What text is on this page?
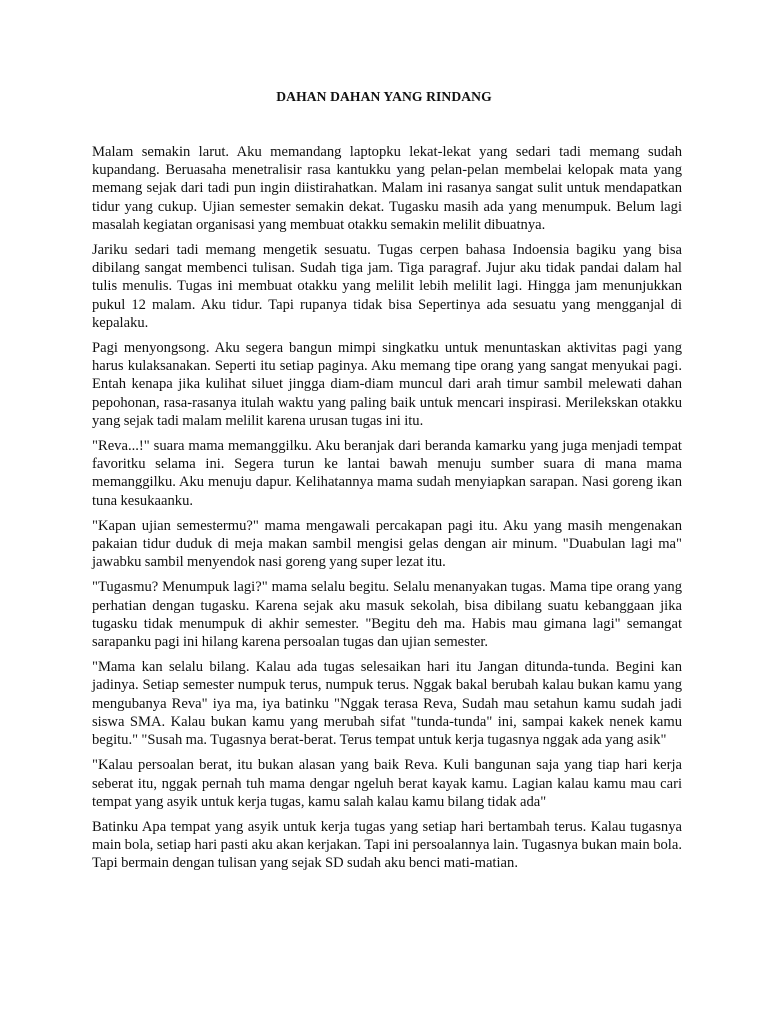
DAHAN DAHAN YANG RINDANG

Malam semakin larut. Aku memandang laptopku lekat-lekat yang sedari tadi memang sudah kupandang. Beruasaha menetralisir rasa kantukku yang pelan-pelan membelai kelopak mata yang memang sejak dari tadi pun ingin diistirahatkan. Malam ini rasanya sangat sulit untuk mendapatkan tidur yang cukup. Ujian semester semakin dekat. Tugasku masih ada yang menumpuk. Belum lagi masalah kegiatan organisasi yang membuat otakku semakin melilit dibuatnya.

Jariku sedari tadi memang mengetik sesuatu. Tugas cerpen bahasa Indoensia bagiku yang bisa dibilang sangat membenci tulisan. Sudah tiga jam. Tiga paragraf. Jujur aku tidak pandai dalam hal tulis menulis. Tugas ini membuat otakku yang melilit lebih melilit lagi. Hingga jam menunjukkan pukul 12 malam. Aku tidur. Tapi rupanya tidak bisa Sepertinya ada sesuatu yang mengganjal di kepalaku.

Pagi menyongsong. Aku segera bangun mimpi singkatku untuk menuntaskan aktivitas pagi yang harus kulaksanakan. Seperti itu setiap paginya. Aku memang tipe orang yang sangat menyukai pagi. Entah kenapa jika kulihat siluet jingga diam-diam muncul dari arah timur sambil melewati dahan pepohonan, rasa-rasanya itulah waktu yang paling baik untuk mencari inspirasi. Merilekskan otakku yang sejak tadi malam melilit karena urusan tugas ini itu.

"Reva...!" suara mama memanggilku. Aku beranjak dari beranda kamarku yang juga menjadi tempat favoritku selama ini. Segera turun ke lantai bawah menuju sumber suara di mana mama memanggilku. Aku menuju dapur. Kelihatannya mama sudah menyiapkan sarapan. Nasi goreng ikan tuna kesukaanku.

"Kapan ujian semestermu?" mama mengawali percakapan pagi itu. Aku yang masih mengenakan pakaian tidur duduk di meja makan sambil mengisi gelas dengan air minum. "Duabulan lagi ma" jawabku sambil menyendok nasi goreng yang super lezat itu.

"Tugasmu? Menumpuk lagi?" mama selalu begitu. Selalu menanyakan tugas. Mama tipe orang yang perhatian dengan tugasku. Karena sejak aku masuk sekolah, bisa dibilang suatu kebanggaan jika tugasku tidak menumpuk di akhir semester. "Begitu deh ma. Habis mau gimana lagi" semangat sarapanku pagi ini hilang karena persoalan tugas dan ujian semester.

"Mama kan selalu bilang. Kalau ada tugas selesaikan hari itu Jangan ditunda-tunda. Begini kan jadinya. Setiap semester numpuk terus, numpuk terus. Nggak bakal berubah kalau bukan kamu yang mengubanya Reva" iya ma, iya batinku "Nggak terasa Reva, Sudah mau setahun kamu sudah jadi siswa SMA. Kalau bukan kamu yang merubah sifat "tunda-tunda" ini, sampai kakek nenek kamu begitu." "Susah ma. Tugasnya berat-berat. Terus tempat untuk kerja tugasnya nggak ada yang asik"

"Kalau persoalan berat, itu bukan alasan yang baik Reva. Kuli bangunan saja yang tiap hari kerja seberat itu, nggak pernah tuh mama dengar ngeluh berat kayak kamu. Lagian kalau kamu mau cari tempat yang asyik untuk kerja tugas, kamu salah kalau kamu bilang tidak ada"

Batinku Apa tempat yang asyik untuk kerja tugas yang setiap hari bertambah terus. Kalau tugasnya main bola, setiap hari pasti aku akan kerjakan. Tapi ini persoalannya lain. Tugasnya bukan main bola. Tapi bermain dengan tulisan yang sejak SD sudah aku benci mati-matian.
